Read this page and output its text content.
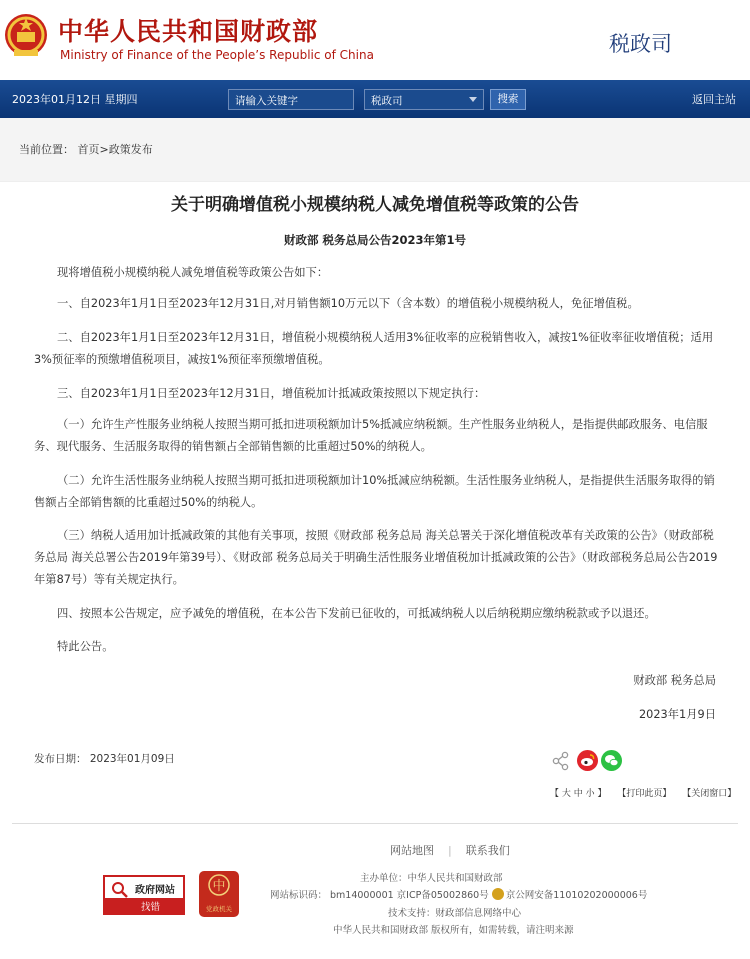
中华人民共和国财政部
Ministry of Finance of the People’s Republic of China	税政司
2023年01月12日 星期四	请输入关键字	税政司	搜索	返回主站
当前位置： 首页>政策发布
关于明确增值税小规模纳税人减免增值税等政策的公告
财政部 税务总局公告2023年第1号
现将增值税小规模纳税人减免增值税等政策公告如下：
一、自2023年1月1日至2023年12月31日,对月销售额10万元以下（含本数）的增值税小规模纳税人，免征增值税。
二、自2023年1月1日至2023年12月31日，增值税小规模纳税人适用3%征收率的应税销售收入，减按1%征收率征收增值税；适用3%预征率的预缴增值税项目，减按1%预征率预缴增值税。
三、自2023年1月1日至2023年12月31日，增值税加计抵减政策按照以下规定执行：
（一）允许生产性服务业纳税人按照当期可抵扣进项税额加计5%抵减应纳税额。生产性服务业纳税人，是指提供邮政服务、电信服务、现代服务、生活服务取得的销售额占全部销售额的比重超过50%的纳税人。
（二）允许生活性服务业纳税人按照当期可抵扣进项税额加计10%抵减应纳税额。生活性服务业纳税人，是指提供生活服务取得的销售额占全部销售额的比重超过50%的纳税人。
（三）纳税人适用加计抵减政策的其他有关事项，按照《财政部 税务总局 海关总署关于深化增值税改革有关政策的公告》（财政部税务总局 海关总署公告2019年第39号）、《财政部 税务总局关于明确生活性服务业增值税加计抵减政策的公告》（财政部税务总局公告2019年第87号）等有关规定执行。
四、按照本公告规定，应予减免的增值税，在本公告下发前已征收的，可抵减纳税人以后纳税期应缴纳税款或予以退还。
特此公告。
财政部 税务总局
2023年1月9日
发布日期： 2023年01月09日
【 大 中 小 】 【打印此页】 【关闭窗口】
网站地图 | 联系我们
政府网站
找错
中
党政机关
主办单位：中华人民共和国财政部
网站标识码： bm14000001 京ICP备05002860号 京公网安备11010202000006号
技术支持：财政部信息网络中心
中华人民共和国财政部 版权所有，如需转载，请注明来源
